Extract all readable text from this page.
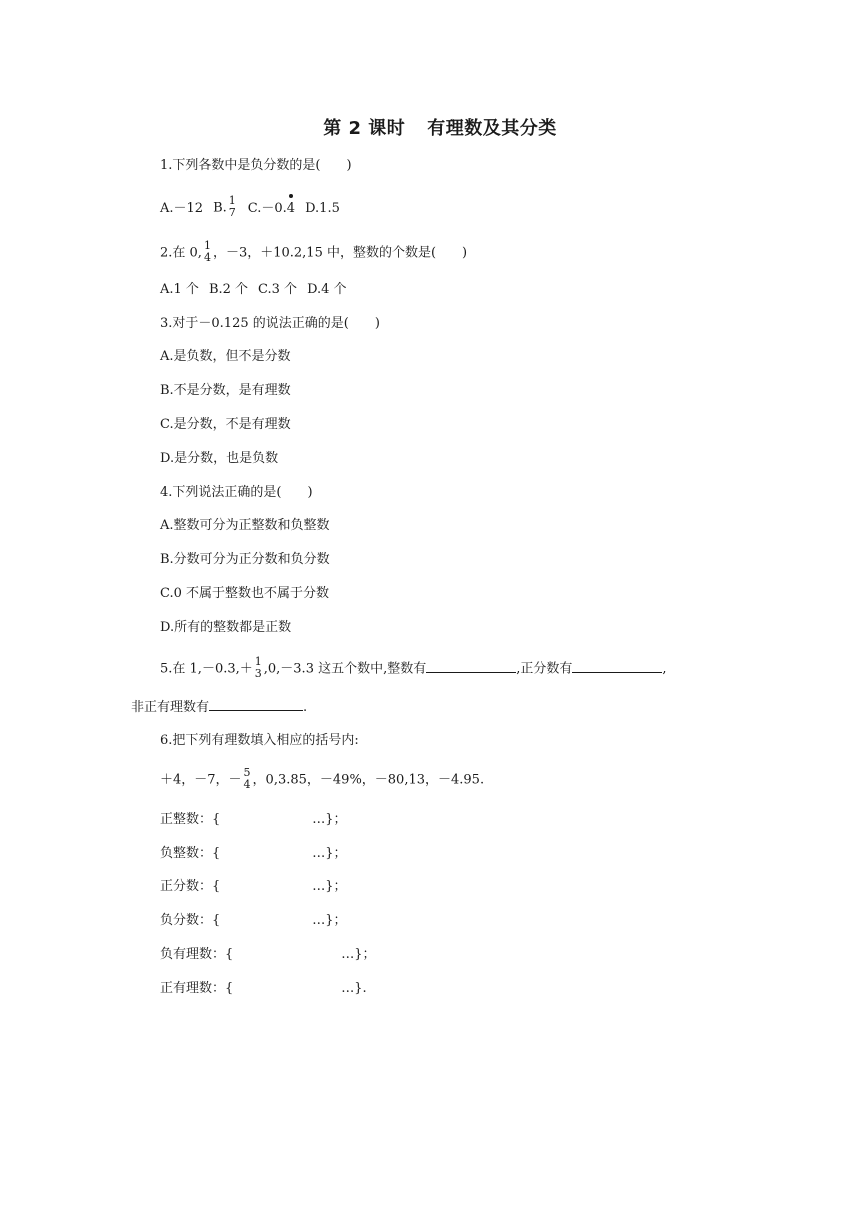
第 2 课时 有理数及其分类
1.下列各数中是负分数的是(　　)
A.－12 B. 1
7 C.－0.4 D.1.5
2.在 0, 1
4 ，－3，＋10.2,15 中，整数的个数是(　　)
A.1 个 B.2 个 C.3 个 D.4 个
3.对于－0.125 的说法正确的是(　　)
A.是负数，但不是分数
B.不是分数，是有理数
C.是分数，不是有理数
D.是分数，也是负数
4.下列说法正确的是(　　)
A.整数可分为正整数和负整数
B.分数可分为正分数和负分数
C.0 不属于整数也不属于分数
D.所有的整数都是正数
5.在 1,－0.3,＋ 1
3 ,0,－3.3 这五个数中,整数有	,正分数有	,
非正有理数有	.
6.把下列有理数填入相应的括号内:
＋4，－7，－ 5
4 ，0,3.85，－49%，－80,13，－4.95.
正整数：{	…}；
负整数：{	…}；
正分数：{	…}；
负分数：{	…}；
负有理数：{	…}；
正有理数：{	…}.
